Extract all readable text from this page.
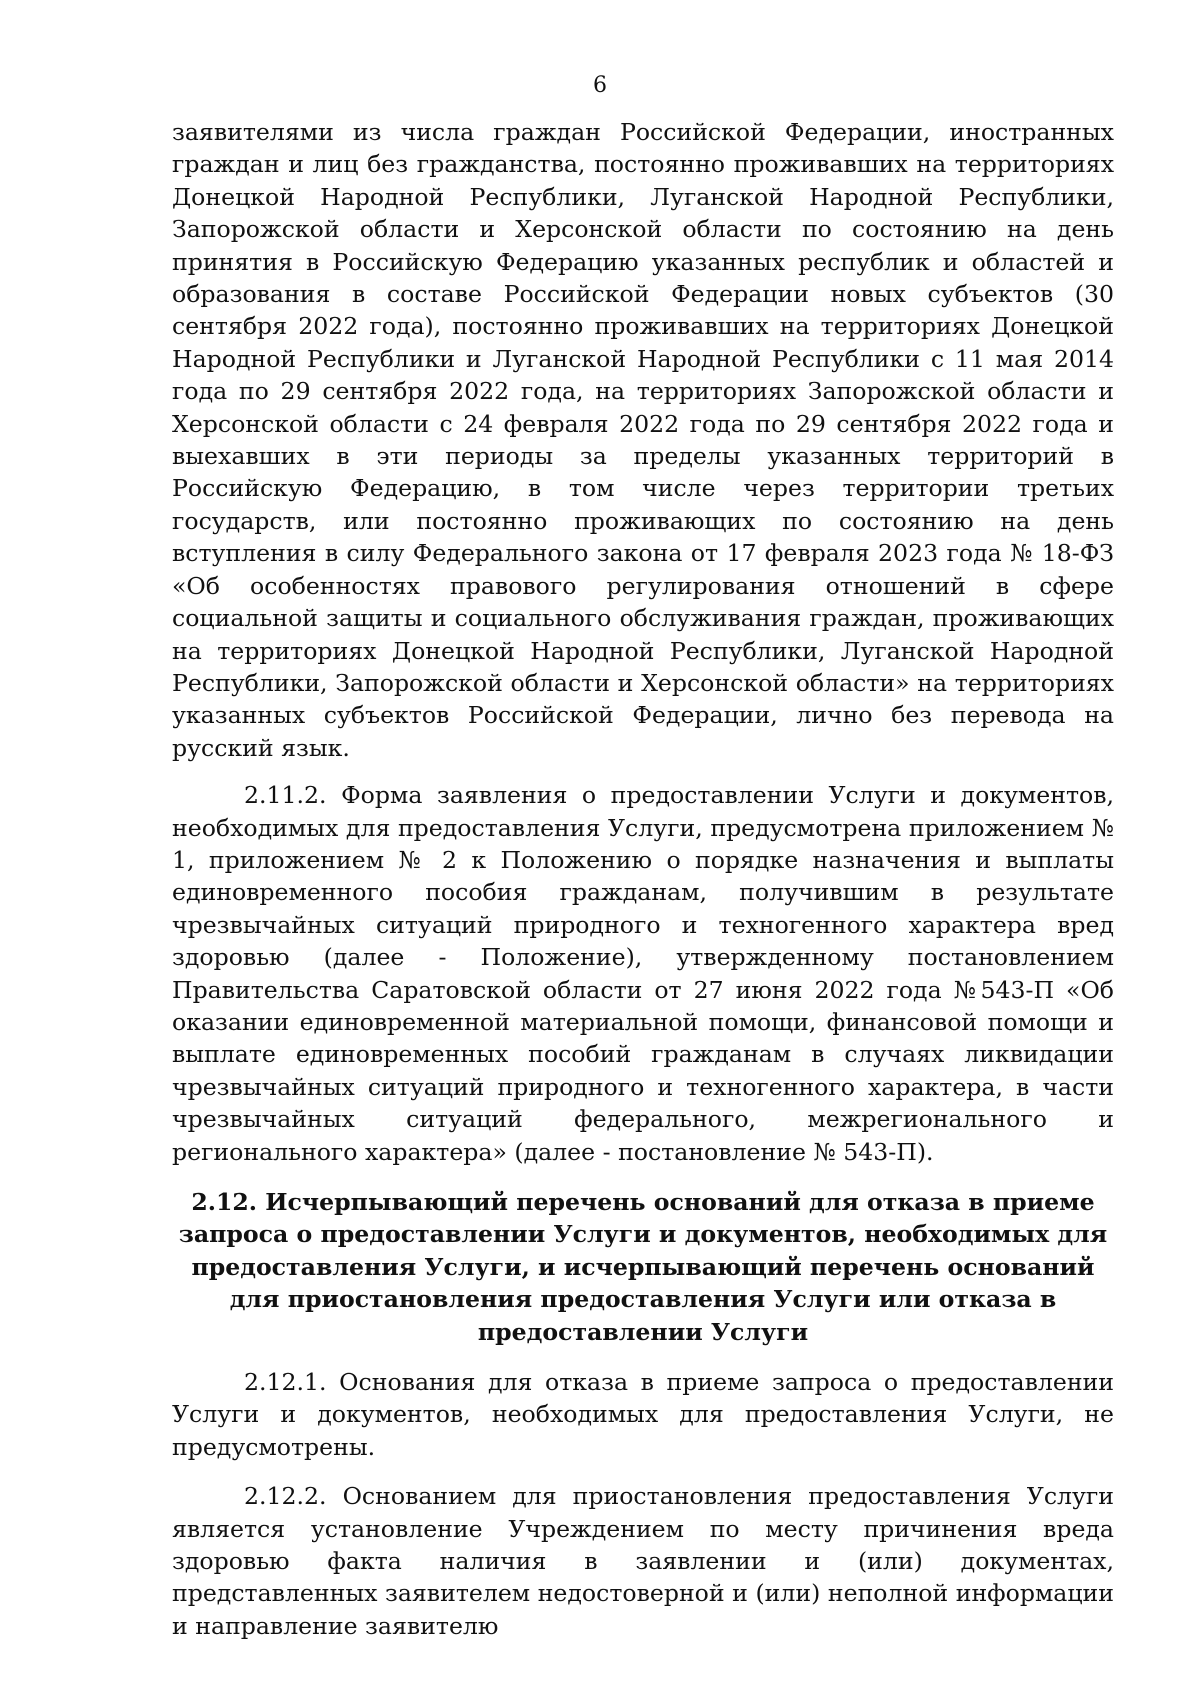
6

заявителями из числа граждан Российской Федерации, иностранных граждан и лиц без гражданства, постоянно проживавших на территориях Донецкой Народной Республики, Луганской Народной Республики, Запорожской области и Херсонской области по состоянию на день принятия в Российскую Федерацию указанных республик и областей и образования в составе Российской Федерации новых субъектов (30 сентября 2022 года), постоянно проживавших на территориях Донецкой Народной Республики и Луганской Народной Республики с 11 мая 2014 года по 29 сентября 2022 года, на территориях Запорожской области и Херсонской области с 24 февраля 2022 года по 29 сентября 2022 года и выехавших в эти периоды за пределы указанных территорий в Российскую Федерацию, в том числе через территории третьих государств, или постоянно проживающих по состоянию на день вступления в силу Федерального закона от 17 февраля 2023 года № 18-ФЗ «Об особенностях правового регулирования отношений в сфере социальной защиты и социального обслуживания граждан, проживающих на территориях Донецкой Народной Республики, Луганской Народной Республики, Запорожской области и Херсонской области» на территориях указанных субъектов Российской Федерации, лично без перевода на русский язык.

2.11.2. Форма заявления о предоставлении Услуги и документов, необходимых для предоставления Услуги, предусмотрена приложением № 1, приложением № 2 к Положению о порядке назначения и выплаты единовременного пособия гражданам, получившим в результате чрезвычайных ситуаций природного и техногенного характера вред здоровью (далее - Положение), утвержденному постановлением Правительства Саратовской области от 27 июня 2022 года №543-П «Об оказании единовременной материальной помощи, финансовой помощи и выплате единовременных пособий гражданам в случаях ликвидации чрезвычайных ситуаций природного и техногенного характера, в части чрезвычайных ситуаций федерального, межрегионального и регионального характера» (далее - постановление № 543-П).

2.12. Исчерпывающий перечень оснований для отказа в приеме запроса о предоставлении Услуги и документов, необходимых для предоставления Услуги, и исчерпывающий перечень оснований для приостановления предоставления Услуги или отказа в предоставлении Услуги

2.12.1. Основания для отказа в приеме запроса о предоставлении Услуги и документов, необходимых для предоставления Услуги, не предусмотрены.

2.12.2. Основанием для приостановления предоставления Услуги является установление Учреждением по месту причинения вреда здоровью факта наличия в заявлении и (или) документах, представленных заявителем недостоверной и (или) неполной информации и направление заявителю
